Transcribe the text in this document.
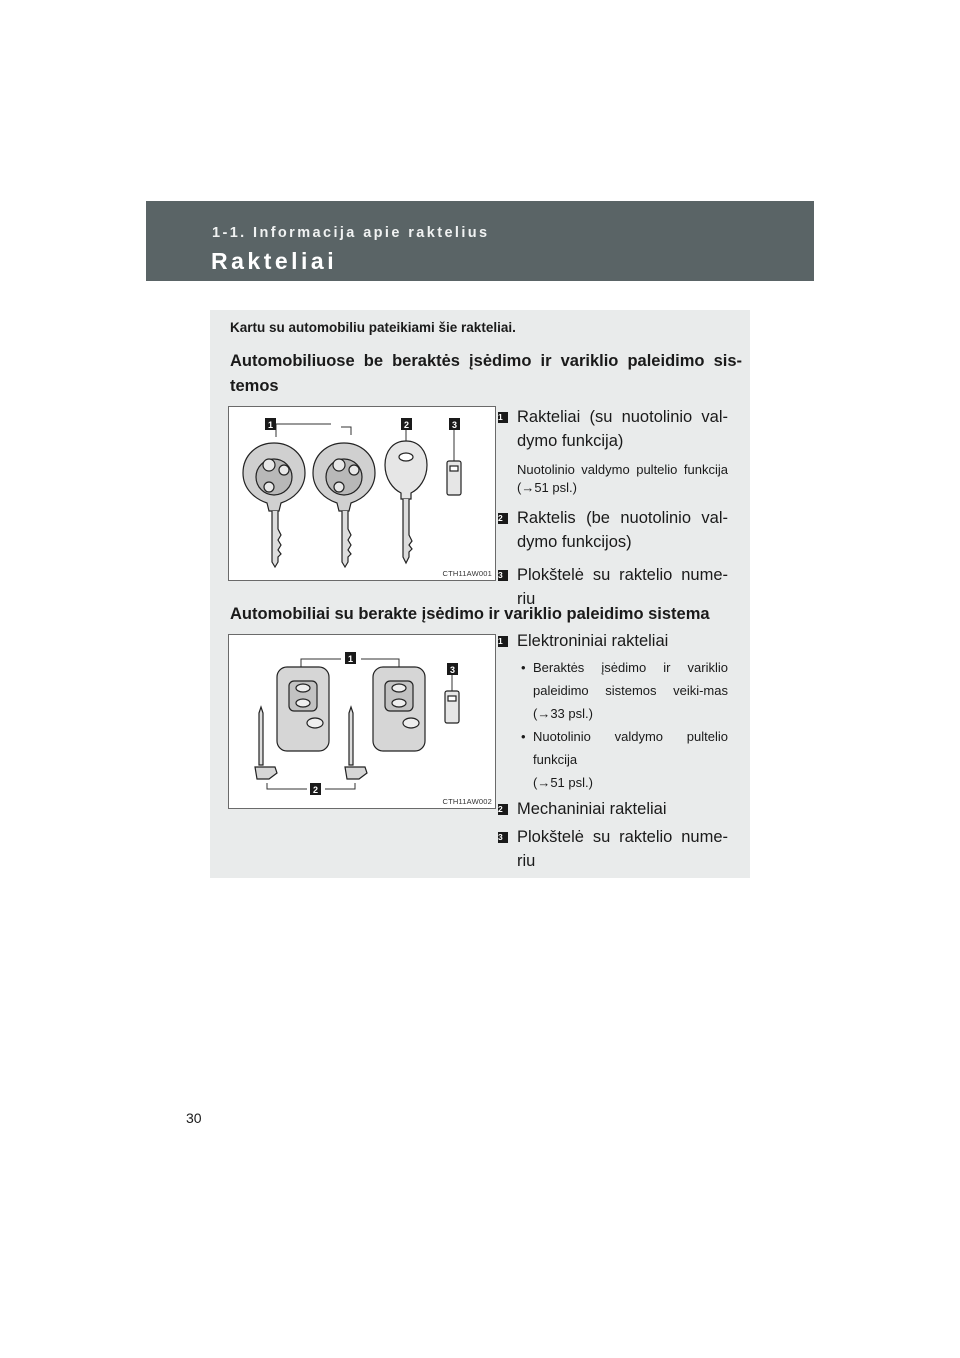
1-1. Informacija apie raktelius
Rakteliai
Kartu su automobiliu pateikiami šie rakteliai.
Automobiliuose be beraktės įsėdimo ir variklio paleidimo sis-temos
1	2	3
CTH11AW001
1 Rakteliai (su nuotolinio val-dymo funkcija)
Nuotolinio valdymo pultelio funkcija (→51 psl.)
2 Raktelis (be nuotolinio val-dymo funkcijos)
3 Plokštelė su raktelio nume-riu
Automobiliai su berakte įsėdimo ir variklio paleidimo sistema
1
2
3
CTH11AW002
1 Elektroniniai rakteliai
• Beraktės įsėdimo ir variklio paleidimo sistemos veiki-mas (→33 psl.)
• Nuotolinio valdymo pultelio funkcija
(→51 psl.)
2 Mechaniniai rakteliai
3 Plokštelė su raktelio nume-riu
30
